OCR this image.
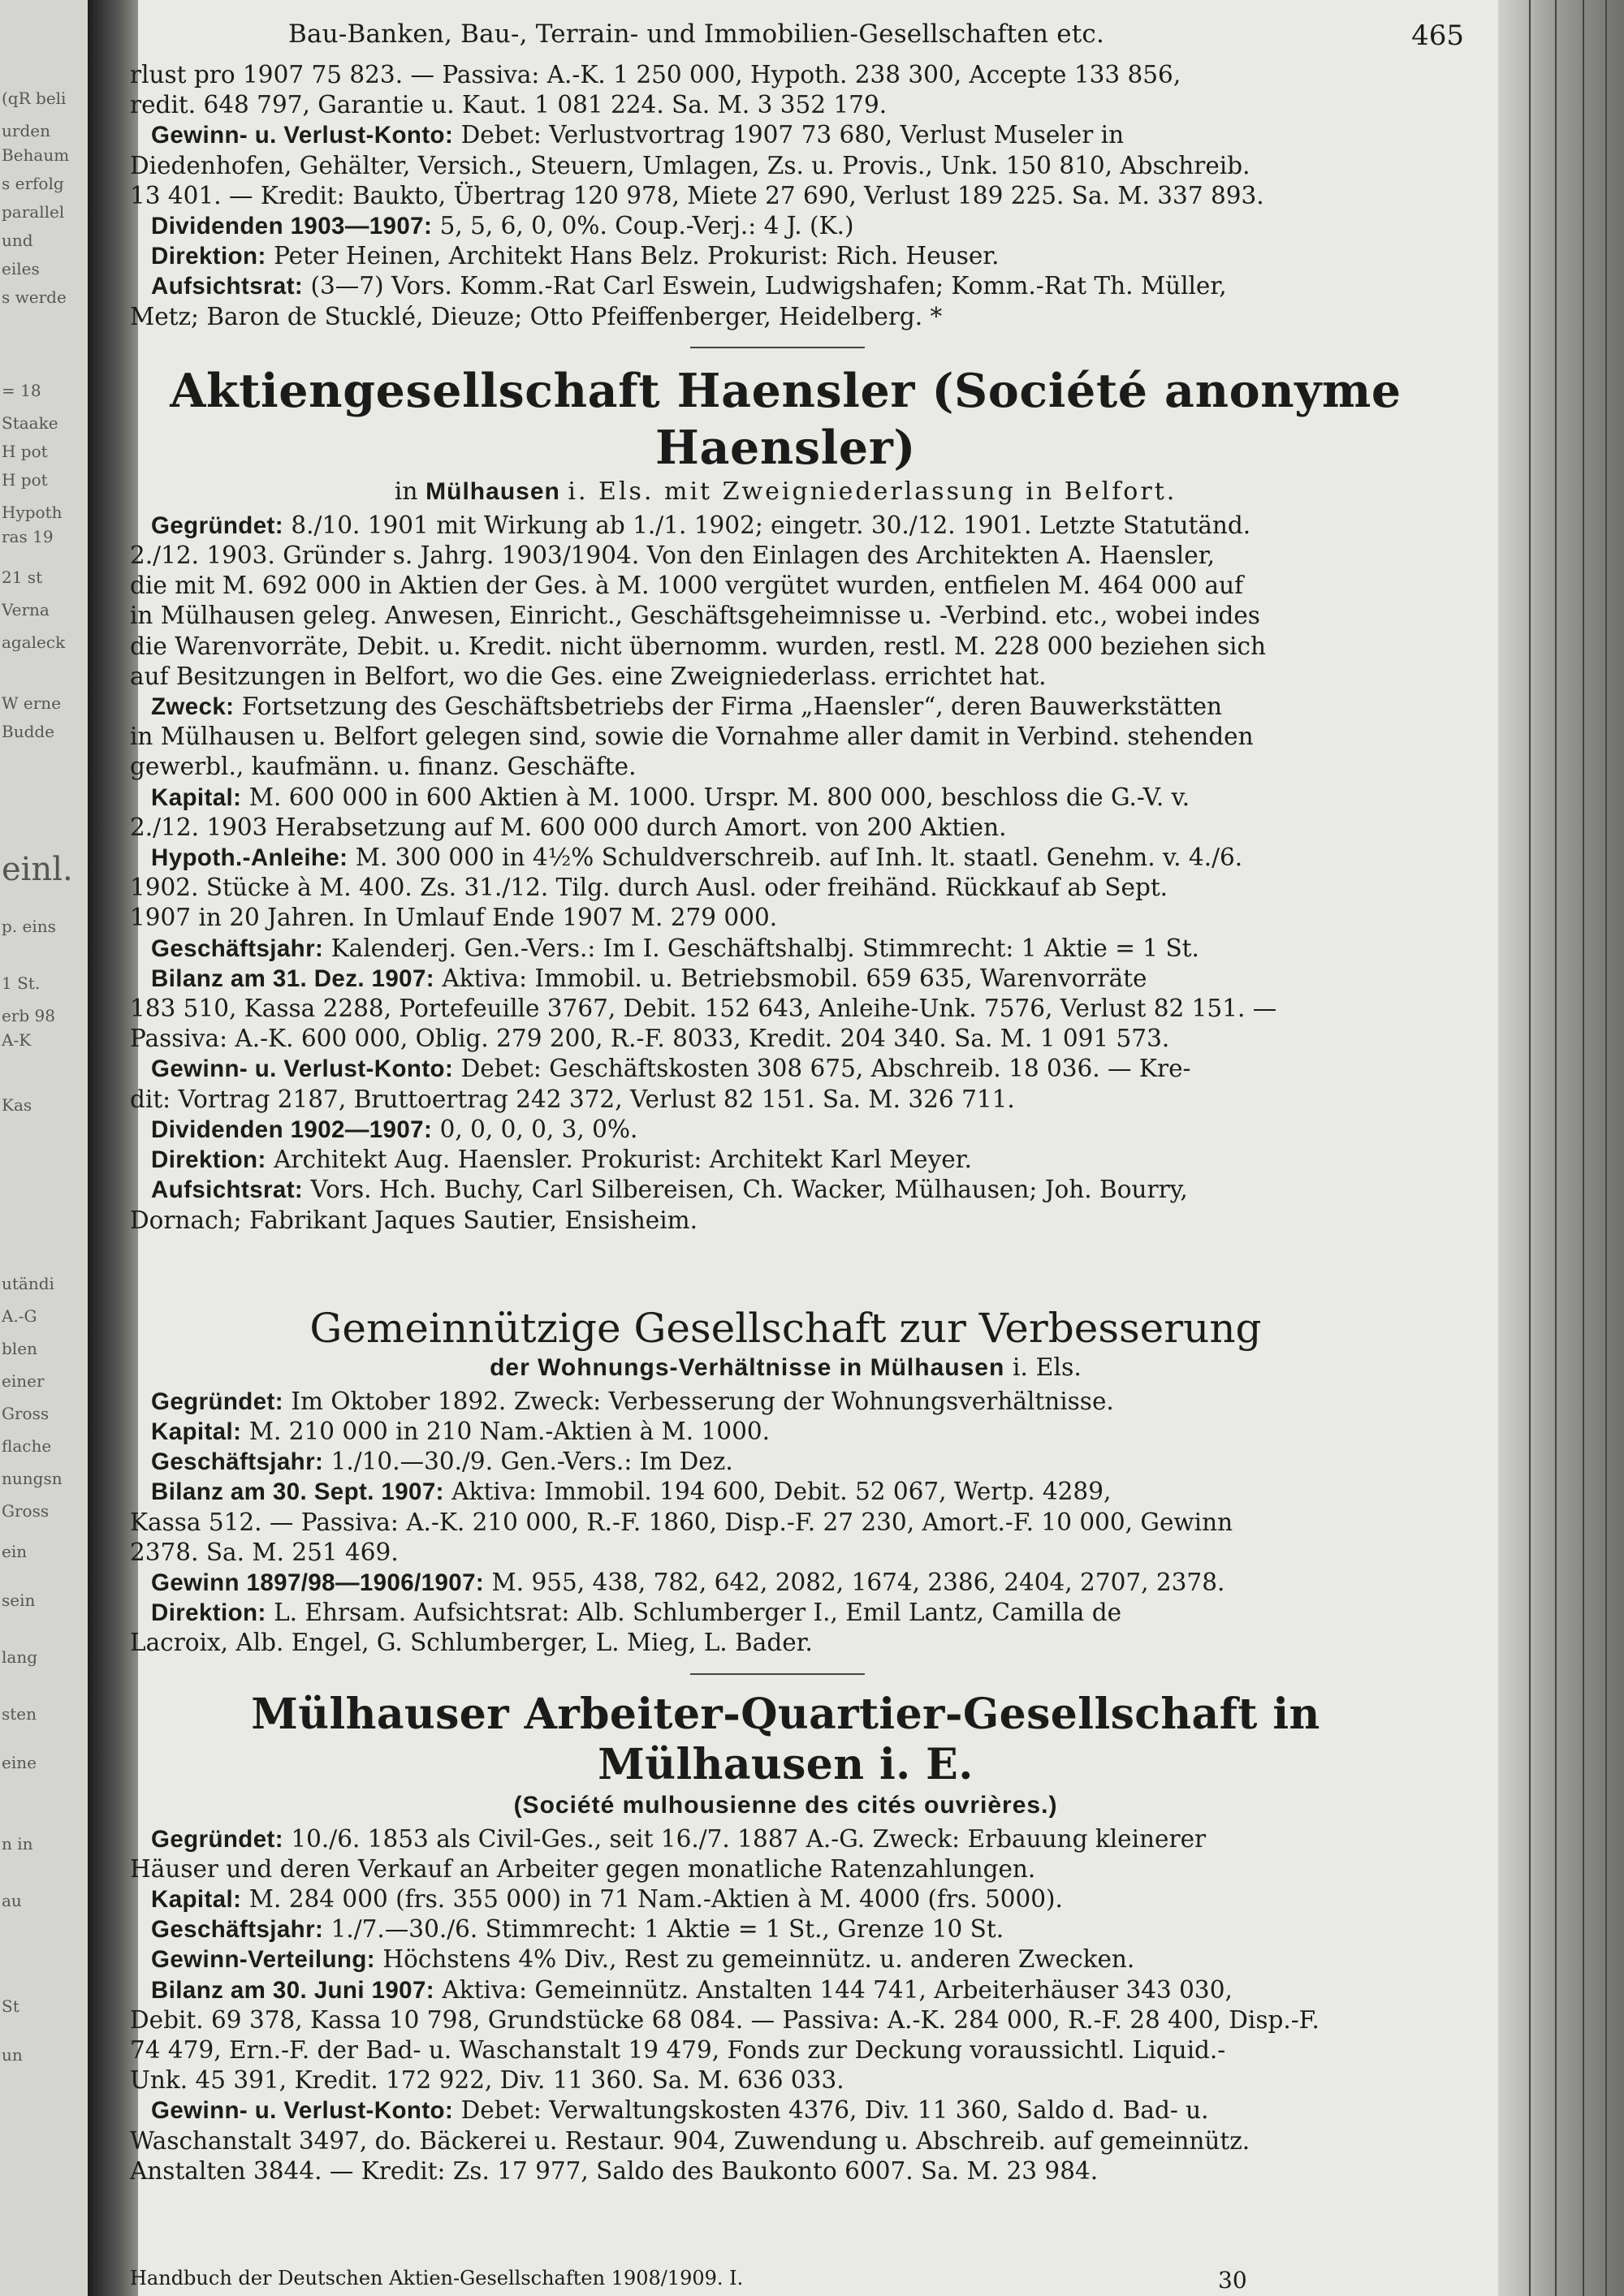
(qR beli
urden
Behaum
s erfolg
parallel
und
eiles
s werde
= 18
Staake
H pot
H pot
Hypoth
ras 19
21 st
Verna
agaleck
W erne
Budde
einl.
p. eins
1 St.
erb 98
A-K
Kas
utändi
A.-G
blen
einer
Gross
flache
nungsn
Gross
ein
sein
lang
sten
eine
n in
au
St
un
Bau-Banken, Bau-, Terrain- und Immobilien-Gesellschaften etc.	465

rlust pro 1907 75 823. — Passiva: A.-K. 1 250 000, Hypoth. 238 300, Accepte 133 856,

redit. 648 797, Garantie u. Kaut. 1 081 224. Sa. M. 3 352 179.

Gewinn- u. Verlust-Konto: Debet: Verlustvortrag 1907 73 680, Verlust Museler in

Diedenhofen, Gehälter, Versich., Steuern, Umlagen, Zs. u. Provis., Unk. 150 810, Abschreib.

13 401. — Kredit: Baukto, Übertrag 120 978, Miete 27 690, Verlust 189 225. Sa. M. 337 893.

Dividenden 1903—1907: 5, 5, 6, 0, 0%. Coup.-Verj.: 4 J. (K.)

Direktion: Peter Heinen, Architekt Hans Belz. Prokurist: Rich. Heuser.

Aufsichtsrat: (3—7) Vors. Komm.-Rat Carl Eswein, Ludwigshafen; Komm.-Rat Th. Müller,

Metz; Baron de Stucklé, Dieuze; Otto Pfeiffenberger, Heidelberg. *

Aktiengesellschaft Haensler (Société anonyme Haensler)

in Mülhausen i. Els. mit Zweigniederlassung in Belfort.

Gegründet: 8./10. 1901 mit Wirkung ab 1./1. 1902; eingetr. 30./12. 1901. Letzte Statutänd.

2./12. 1903. Gründer s. Jahrg. 1903/1904. Von den Einlagen des Architekten A. Haensler,

die mit M. 692 000 in Aktien der Ges. à M. 1000 vergütet wurden, entfielen M. 464 000 auf

in Mülhausen geleg. Anwesen, Einricht., Geschäftsgeheimnisse u. -Verbind. etc., wobei indes

die Warenvorräte, Debit. u. Kredit. nicht übernomm. wurden, restl. M. 228 000 beziehen sich

auf Besitzungen in Belfort, wo die Ges. eine Zweigniederlass. errichtet hat.

Zweck: Fortsetzung des Geschäftsbetriebs der Firma „Haensler“, deren Bauwerkstätten

in Mülhausen u. Belfort gelegen sind, sowie die Vornahme aller damit in Verbind. stehenden

gewerbl., kaufmänn. u. finanz. Geschäfte.

Kapital: M. 600 000 in 600 Aktien à M. 1000. Urspr. M. 800 000, beschloss die G.-V. v.

2./12. 1903 Herabsetzung auf M. 600 000 durch Amort. von 200 Aktien.

Hypoth.-Anleihe: M. 300 000 in 4½% Schuldverschreib. auf Inh. lt. staatl. Genehm. v. 4./6.

1902. Stücke à M. 400. Zs. 31./12. Tilg. durch Ausl. oder freihänd. Rückkauf ab Sept.

1907 in 20 Jahren. In Umlauf Ende 1907 M. 279 000.

Geschäftsjahr: Kalenderj. Gen.-Vers.: Im I. Geschäftshalbj. Stimmrecht: 1 Aktie = 1 St.

Bilanz am 31. Dez. 1907: Aktiva: Immobil. u. Betriebsmobil. 659 635, Warenvorräte

183 510, Kassa 2288, Portefeuille 3767, Debit. 152 643, Anleihe-Unk. 7576, Verlust 82 151. —

Passiva: A.-K. 600 000, Oblig. 279 200, R.-F. 8033, Kredit. 204 340. Sa. M. 1 091 573.

Gewinn- u. Verlust-Konto: Debet: Geschäftskosten 308 675, Abschreib. 18 036. — Kre-

dit: Vortrag 2187, Bruttoertrag 242 372, Verlust 82 151. Sa. M. 326 711.

Dividenden 1902—1907: 0, 0, 0, 0, 3, 0%.

Direktion: Architekt Aug. Haensler. Prokurist: Architekt Karl Meyer.

Aufsichtsrat: Vors. Hch. Buchy, Carl Silbereisen, Ch. Wacker, Mülhausen; Joh. Bourry,

Dornach; Fabrikant Jaques Sautier, Ensisheim.

Gemeinnützige Gesellschaft zur Verbesserung

der Wohnungs-Verhältnisse in Mülhausen i. Els.

Gegründet: Im Oktober 1892. Zweck: Verbesserung der Wohnungsverhältnisse.

Kapital: M. 210 000 in 210 Nam.-Aktien à M. 1000.

Geschäftsjahr: 1./10.—30./9. Gen.-Vers.: Im Dez.

Bilanz am 30. Sept. 1907: Aktiva: Immobil. 194 600, Debit. 52 067, Wertp. 4289,

Kassa 512. — Passiva: A.-K. 210 000, R.-F. 1860, Disp.-F. 27 230, Amort.-F. 10 000, Gewinn

2378. Sa. M. 251 469.

Gewinn 1897/98—1906/1907: M. 955, 438, 782, 642, 2082, 1674, 2386, 2404, 2707, 2378.

Direktion: L. Ehrsam. Aufsichtsrat: Alb. Schlumberger I., Emil Lantz, Camilla de

Lacroix, Alb. Engel, G. Schlumberger, L. Mieg, L. Bader.

Mülhauser Arbeiter-Quartier-Gesellschaft in Mülhausen i. E.

(Société mulhousienne des cités ouvrières.)

Gegründet: 10./6. 1853 als Civil-Ges., seit 16./7. 1887 A.-G. Zweck: Erbauung kleinerer

Häuser und deren Verkauf an Arbeiter gegen monatliche Ratenzahlungen.

Kapital: M. 284 000 (frs. 355 000) in 71 Nam.-Aktien à M. 4000 (frs. 5000).

Geschäftsjahr: 1./7.—30./6. Stimmrecht: 1 Aktie = 1 St., Grenze 10 St.

Gewinn-Verteilung: Höchstens 4% Div., Rest zu gemeinnütz. u. anderen Zwecken.

Bilanz am 30. Juni 1907: Aktiva: Gemeinnütz. Anstalten 144 741, Arbeiterhäuser 343 030,

Debit. 69 378, Kassa 10 798, Grundstücke 68 084. — Passiva: A.-K. 284 000, R.-F. 28 400, Disp.-F.

74 479, Ern.-F. der Bad- u. Waschanstalt 19 479, Fonds zur Deckung voraussichtl. Liquid.-

Unk. 45 391, Kredit. 172 922, Div. 11 360. Sa. M. 636 033.

Gewinn- u. Verlust-Konto: Debet: Verwaltungskosten 4376, Div. 11 360, Saldo d. Bad- u.

Waschanstalt 3497, do. Bäckerei u. Restaur. 904, Zuwendung u. Abschreib. auf gemeinnütz.

Anstalten 3844. — Kredit: Zs. 17 977, Saldo des Baukonto 6007. Sa. M. 23 984.

Handbuch der Deutschen Aktien-Gesellschaften 1908/1909. I.	30
